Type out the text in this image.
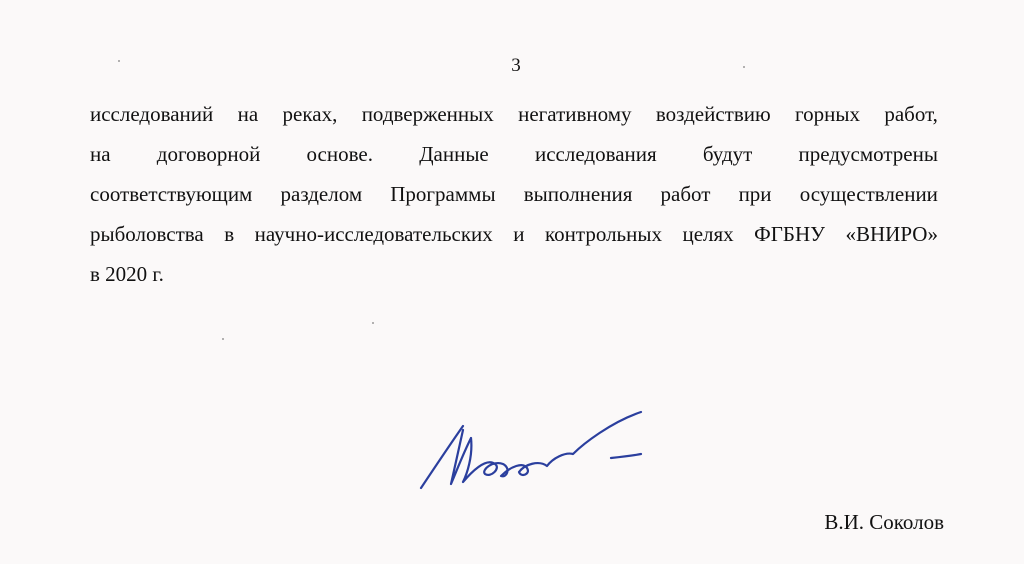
3
исследований на реках, подверженных негативному воздействию горных работ,
на договорной основе. Данные исследования будут предусмотрены
соответствующим разделом Программы выполнения работ при осуществлении
рыболовства в научно-исследовательских и контрольных целях ФГБНУ «ВНИРО»
в 2020 г.
В.И. Соколов
